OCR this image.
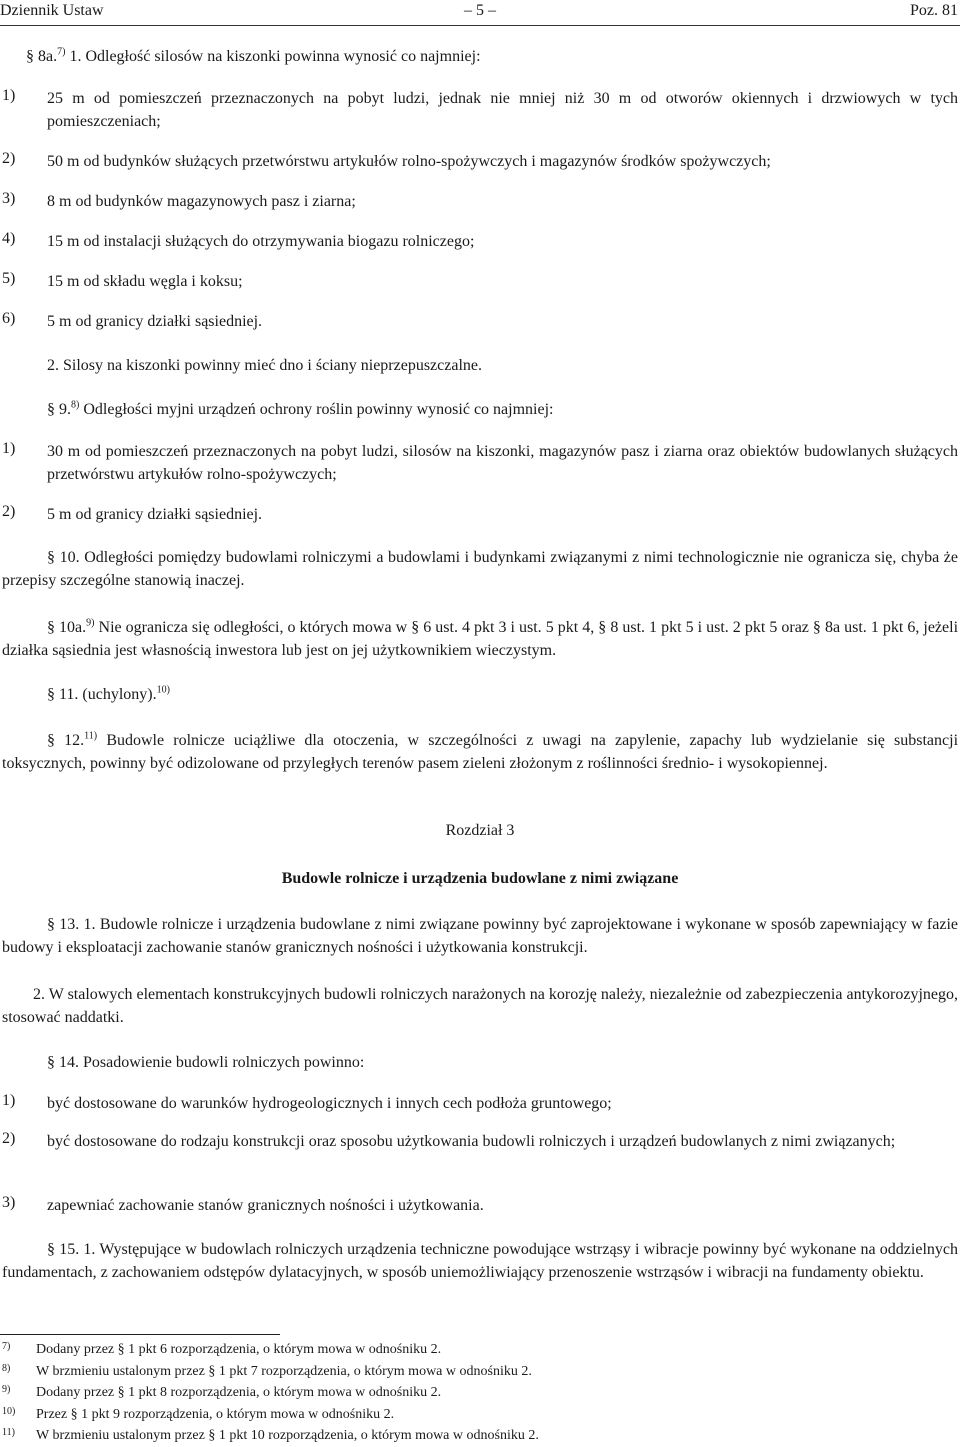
Dziennik Ustaw	– 5 –	Poz. 81
§ 8a.$^{7)}$ 1. Odległość silosów na kiszonki powinna wynosić co najmniej:
1) 25 m od pomieszczeń przeznaczonych na pobyt ludzi, jednak nie mniej niż 30 m od otworów okiennych i drzwiowych w tych pomieszczeniach;
2) 50 m od budynków służących przetwórstwu artykułów rolno-spożywczych i magazynów środków spożywczych;
3) 8 m od budynków magazynowych pasz i ziarna;
4) 15 m od instalacji służących do otrzymywania biogazu rolniczego;
5) 15 m od składu węgla i koksu;
6) 5 m od granicy działki sąsiedniej.
2. Silosy na kiszonki powinny mieć dno i ściany nieprzepuszczalne.
§ 9.$^{8)}$ Odległości myjni urządzeń ochrony roślin powinny wynosić co najmniej:
1) 30 m od pomieszczeń przeznaczonych na pobyt ludzi, silosów na kiszonki, magazynów pasz i ziarna oraz obiektów budowlanych służących przetwórstwu artykułów rolno-spożywczych;
2) 5 m od granicy działki sąsiedniej.
§ 10. Odległości pomiędzy budowlami rolniczymi a budowlami i budynkami związanymi z nimi technologicznie nie ogranicza się, chyba że przepisy szczególne stanowią inaczej.
§ 10a.$^{9)}$ Nie ogranicza się odległości, o których mowa w § 6 ust. 4 pkt 3 i ust. 5 pkt 4, § 8 ust. 1 pkt 5 i ust. 2 pkt 5 oraz § 8a ust. 1 pkt 6, jeżeli działka sąsiednia jest własnością inwestora lub jest on jej użytkownikiem wieczystym.
§ 11. (uchylony).$^{10)}$
§ 12.$^{11)}$ Budowle rolnicze uciążliwe dla otoczenia, w szczególności z uwagi na zapylenie, zapachy lub wydzielanie się substancji toksycznych, powinny być odizolowane od przyległych terenów pasem zieleni złożonym z roślinności średnio- i wysokopiennej.
Rozdział 3
Budowle rolnicze i urządzenia budowlane z nimi związane
§ 13. 1. Budowle rolnicze i urządzenia budowlane z nimi związane powinny być zaprojektowane i wykonane w sposób zapewniający w fazie budowy i eksploatacji zachowanie stanów granicznych nośności i użytkowania konstrukcji.
2. W stalowych elementach konstrukcyjnych budowli rolniczych narażonych na korozję należy, niezależnie od zabezpieczenia antykorozyjnego, stosować naddatki.
§ 14. Posadowienie budowli rolniczych powinno:
1) być dostosowane do warunków hydrogeologicznych i innych cech podłoża gruntowego;
2) być dostosowane do rodzaju konstrukcji oraz sposobu użytkowania budowli rolniczych i urządzeń budowlanych z nimi związanych;
3) zapewniać zachowanie stanów granicznych nośności i użytkowania.
§ 15. 1. Występujące w budowlach rolniczych urządzenia techniczne powodujące wstrząsy i wibracje powinny być wykonane na oddzielnych fundamentach, z zachowaniem odstępów dylatacyjnych, w sposób uniemożliwiający przenoszenie wstrząsów i wibracji na fundamenty obiektu.
7) Dodany przez § 1 pkt 6 rozporządzenia, o którym mowa w odnośniku 2.
8) W brzmieniu ustalonym przez § 1 pkt 7 rozporządzenia, o którym mowa w odnośniku 2.
9) Dodany przez § 1 pkt 8 rozporządzenia, o którym mowa w odnośniku 2.
10) Przez § 1 pkt 9 rozporządzenia, o którym mowa w odnośniku 2.
11) W brzmieniu ustalonym przez § 1 pkt 10 rozporządzenia, o którym mowa w odnośniku 2.
